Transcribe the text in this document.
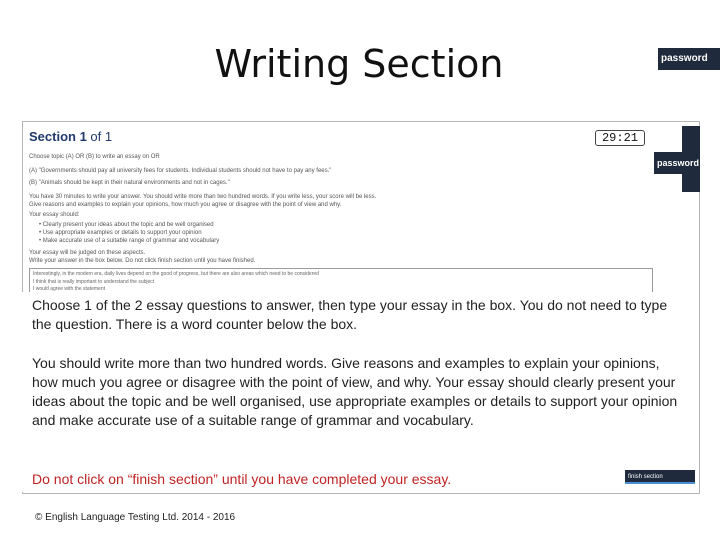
Writing Section	password
Section 1 of 1	29:21
Choose topic (A) OR (B) to write an essay on OR
(A) "Governments should pay all university fees for students. Individual students should not have to pay any fees."
(B) "Animals should be kept in their natural environments and not in cages."
You have 30 minutes to write your answer. You should write more than two hundred words. If you write less, your score will be less.
Give reasons and examples to explain your opinions, how much you agree or disagree with the point of view and why.
Your essay should:
• Clearly present your ideas about the topic and be well organised
• Use appropriate examples or details to support your opinion
• Make accurate use of a suitable range of grammar and vocabulary
Your essay will be judged on these aspects.
Write your answer in the box below. Do not click finish section until you have finished.
Interestingly, in the modern era, daily lives depend on the good of progress, but there are also areas which need to be considered
I think that is really important to understand the subject
I would agree with the statement
password
Choose 1 of the 2 essay questions to answer, then type your essay in the box. You do not need to type the question. There is a word counter below the box.
You should write more than two hundred words. Give reasons and examples to explain your opinions, how much you agree or disagree with the point of view, and why. Your essay should clearly present your ideas about the topic and be well organised, use appropriate examples or details to support your opinion and make accurate use of a suitable range of grammar and vocabulary.
Do not click on “finish section” until you have completed your essay.	finish section
© English Language Testing Ltd. 2014 - 2016
